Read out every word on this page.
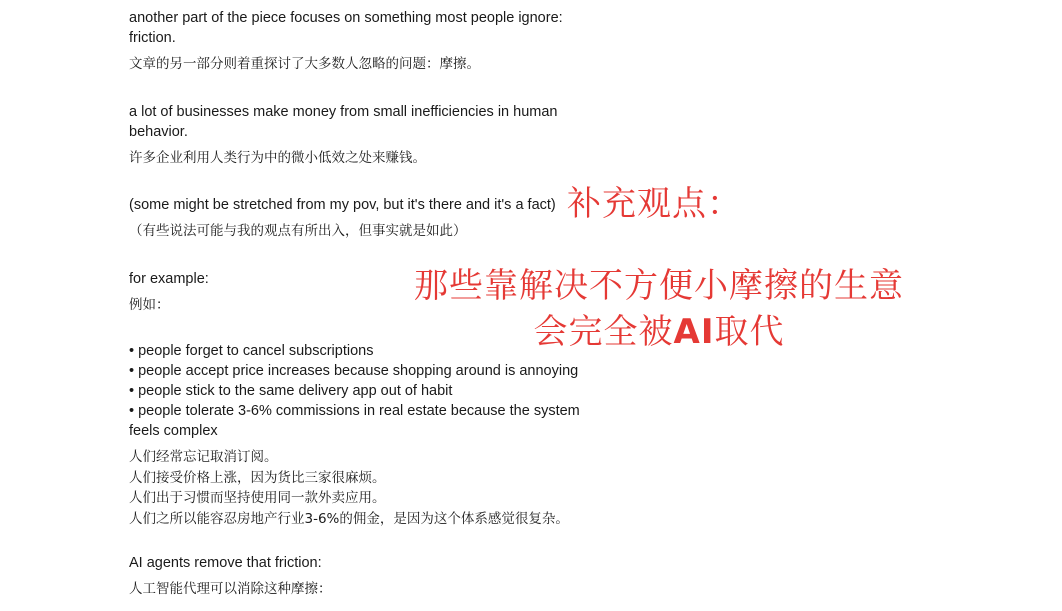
another part of the piece focuses on something most people ignore: friction.

文章的另一部分则着重探讨了大多数人忽略的问题：摩擦。

a lot of businesses make money from small inefficiencies in human behavior.

许多企业利用人类行为中的微小低效之处来赚钱。

(some might be stretched from my pov, but it's there and it's a fact)

（有些说法可能与我的观点有所出入，但事实就是如此）

for example:

例如：

• people forget to cancel subscriptions
• people accept price increases because shopping around is annoying
• people stick to the same delivery app out of habit
• people tolerate 3-6% commissions in real estate because the system feels complex

人们经常忘记取消订阅。

人们接受价格上涨，因为货比三家很麻烦。

人们出于习惯而坚持使用同一款外卖应用。

人们之所以能容忍房地产行业3-6%的佣金，是因为这个体系感觉很复杂。

AI agents remove that friction:

人工智能代理可以消除这种摩擦：

补充观点：
那些靠解决不方便小摩擦的生意
会完全被AI取代
